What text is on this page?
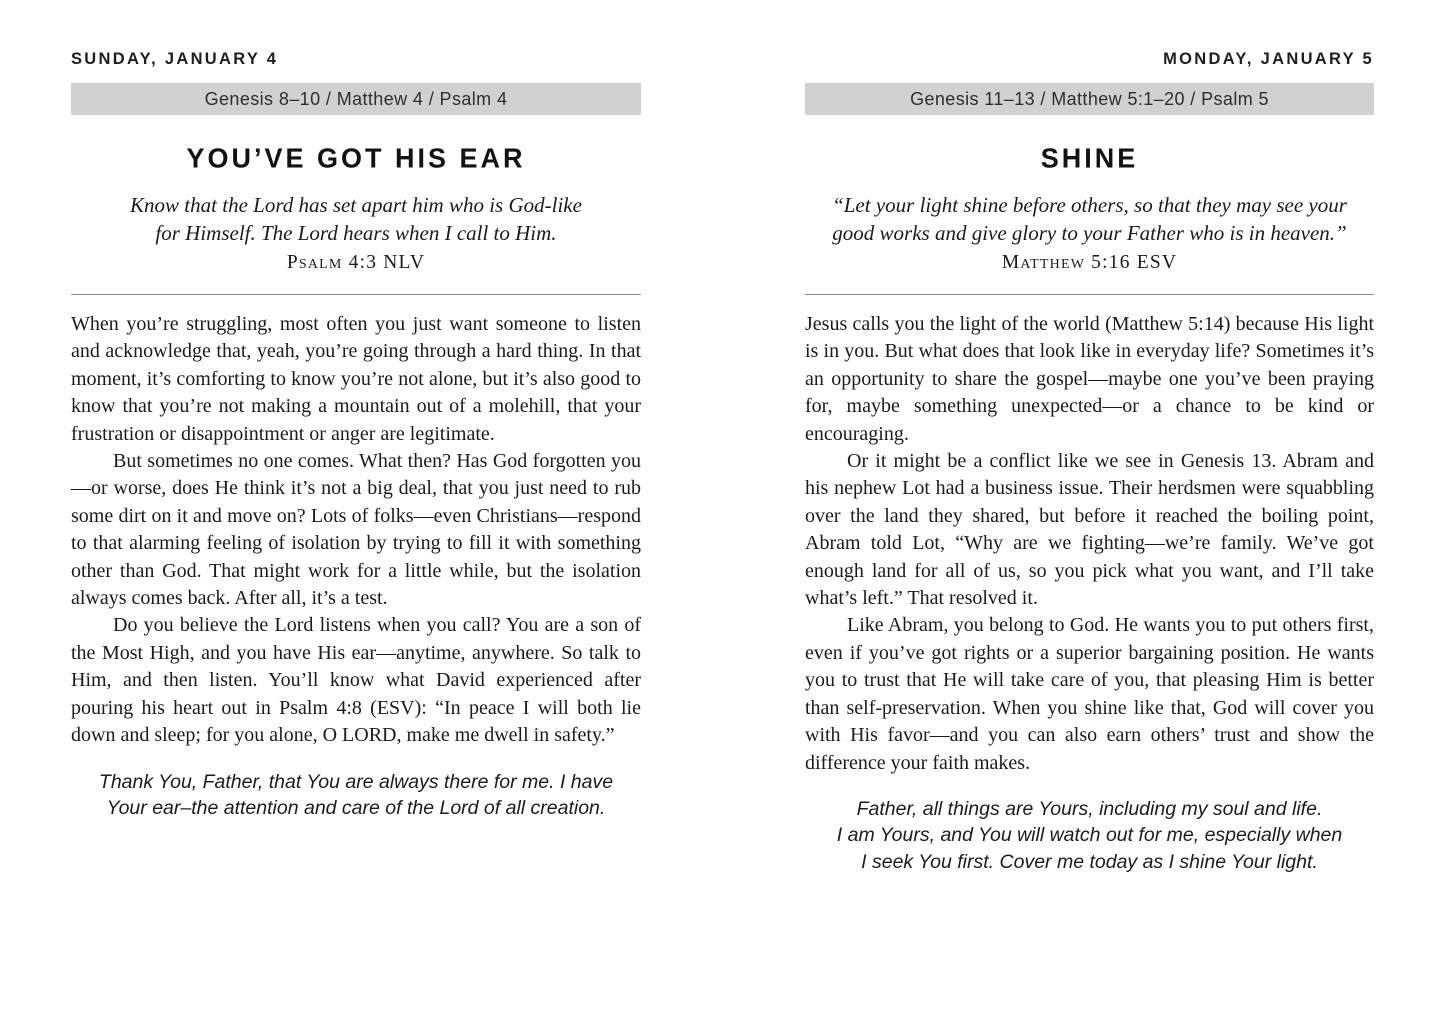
SUNDAY, JANUARY 4
Genesis 8–10 / Matthew 4 / Psalm 4
YOU’VE GOT HIS EAR
Know that the Lord has set apart him who is God-like
for Himself. The Lord hears when I call to Him.
Psalm 4:3 NLV

When you’re struggling, most often you just want someone to listen and acknowledge that, yeah, you’re going through a hard thing. In that moment, it’s comforting to know you’re not alone, but it’s also good to know that you’re not making a mountain out of a molehill, that your frustration or disappointment or anger are legitimate.

But sometimes no one comes. What then? Has God forgotten you—or worse, does He think it’s not a big deal, that you just need to rub some dirt on it and move on? Lots of folks—even Christians—respond to that alarming feeling of isolation by trying to fill it with something other than God. That might work for a little while, but the isolation always comes back. After all, it’s a test.

Do you believe the Lord listens when you call? You are a son of the Most High, and you have His ear—anytime, anywhere. So talk to Him, and then listen. You’ll know what David experienced after pouring his heart out in Psalm 4:8 (ESV): “In peace I will both lie down and sleep; for you alone, O LORD, make me dwell in safety.”

Thank You, Father, that You are always there for me. I have
Your ear–the attention and care of the Lord of all creation.
MONDAY, JANUARY 5
Genesis 11–13 / Matthew 5:1–20 / Psalm 5
SHINE
“Let your light shine before others, so that they may see your
good works and give glory to your Father who is in heaven.”
Matthew 5:16 ESV

Jesus calls you the light of the world (Matthew 5:14) because His light is in you. But what does that look like in everyday life? Sometimes it’s an opportunity to share the gospel—maybe one you’ve been praying for, maybe something unexpected—or a chance to be kind or encouraging.

Or it might be a conflict like we see in Genesis 13. Abram and his nephew Lot had a business issue. Their herdsmen were squabbling over the land they shared, but before it reached the boiling point, Abram told Lot, “Why are we fighting—we’re family. We’ve got enough land for all of us, so you pick what you want, and I’ll take what’s left.” That resolved it.

Like Abram, you belong to God. He wants you to put others first, even if you’ve got rights or a superior bargaining position. He wants you to trust that He will take care of you, that pleasing Him is better than self-preservation. When you shine like that, God will cover you with His favor—and you can also earn others’ trust and show the difference your faith makes.

Father, all things are Yours, including my soul and life.
I am Yours, and You will watch out for me, especially when
I seek You first. Cover me today as I shine Your light.
